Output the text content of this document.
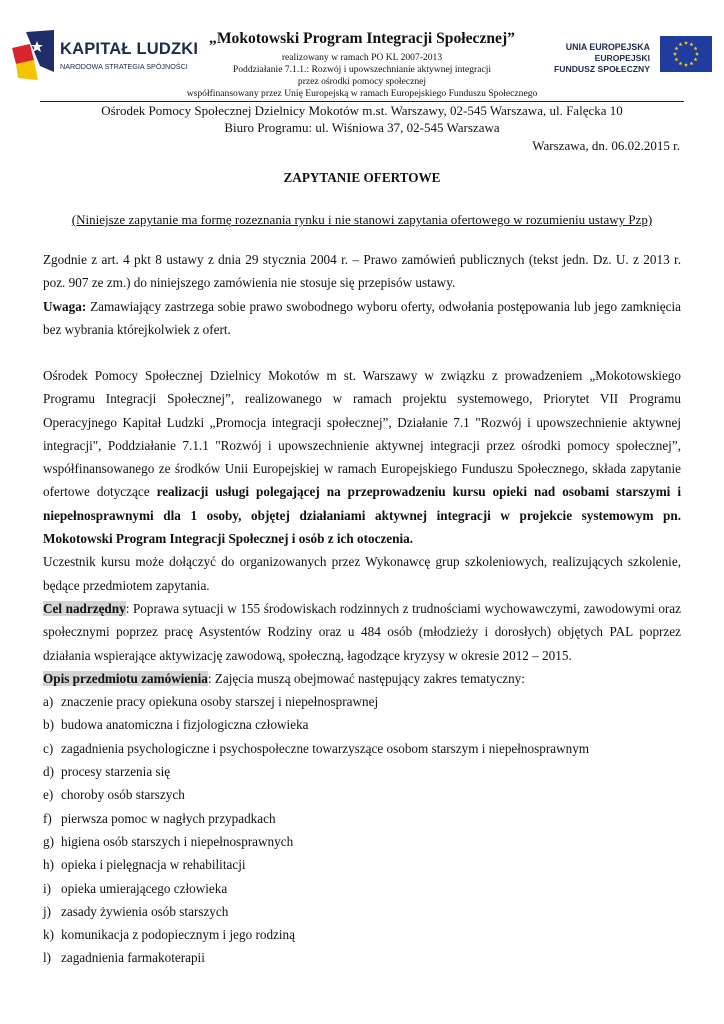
KAPITAŁ LUDZKI
NARODOWA STRATEGIA SPÓJNOŚCI
UNIA EUROPEJSKA
EUROPEJSKI
FUNDUSZ SPOŁECZNY
„Mokotowski Program Integracji Społecznej”
realizowany w ramach PO KL 2007-2013
Poddziałanie 7.1.1.: Rozwój i upowszechnianie aktywnej integracji
przez ośrodki pomocy społecznej
współfinansowany przez Unię Europejską w ramach Europejskiego Funduszu Społecznego
Ośrodek Pomocy Społecznej Dzielnicy Mokotów m.st. Warszawy, 02-545 Warszawa, ul. Falęcka 10
Biuro Programu: ul. Wiśniowa 37, 02-545 Warszawa
Warszawa, dn. 06.02.2015 r.
ZAPYTANIE OFERTOWE
(Niniejsze zapytanie ma formę rozeznania rynku i nie stanowi zapytania ofertowego w rozumieniu ustawy Pzp)

Zgodnie z art. 4 pkt 8 ustawy z dnia 29 stycznia 2004 r. – Prawo zamówień publicznych (tekst jedn. Dz. U. z 2013 r. poz. 907 ze zm.) do niniejszego zamówienia nie stosuje się przepisów ustawy.

Uwaga: Zamawiający zastrzega sobie prawo swobodnego wyboru oferty, odwołania postępowania lub jego zamknięcia bez wybrania którejkolwiek z ofert.

Ośrodek Pomocy Społecznej Dzielnicy Mokotów m st. Warszawy w związku z prowadzeniem „Mokotowskiego Programu Integracji Społecznej”, realizowanego w ramach projektu systemowego, Priorytet VII Programu Operacyjnego Kapitał Ludzki „Promocja integracji społecznej”, Działanie 7.1 "Rozwój i upowszechnienie aktywnej integracji", Poddziałanie 7.1.1 "Rozwój i upowszechnienie aktywnej integracji przez ośrodki pomocy społecznej”, współfinansowanego ze środków Unii Europejskiej w ramach Europejskiego Funduszu Społecznego, składa zapytanie ofertowe dotyczące realizacji usługi polegającej na przeprowadzeniu kursu opieki nad osobami starszymi i niepełnosprawnymi dla 1 osoby, objętej działaniami aktywnej integracji w projekcie systemowym pn. Mokotowski Program Integracji Społecznej i osób z ich otoczenia.

Uczestnik kursu może dołączyć do organizowanych przez Wykonawcę grup szkoleniowych, realizujących szkolenie, będące przedmiotem zapytania.

Cel nadrzędny: Poprawa sytuacji w 155 środowiskach rodzinnych z trudnościami wychowawczymi, zawodowymi oraz społecznymi poprzez pracę Asystentów Rodziny oraz u 484 osób (młodzieży i dorosłych) objętych PAL poprzez działania wspierające aktywizację zawodową, społeczną, łagodzące kryzysy w okresie 2012 – 2015.

Opis przedmiotu zamówienia: Zajęcia muszą obejmować następujący zakres tematyczny:

a) znaczenie pracy opiekuna osoby starszej i niepełnosprawnej
b) budowa anatomiczna i fizjologiczna człowieka
c) zagadnienia psychologiczne i psychospołeczne towarzyszące osobom starszym i niepełnosprawnym
d) procesy starzenia się
e) choroby osób starszych
f) pierwsza pomoc w nagłych przypadkach
g) higiena osób starszych i niepełnosprawnych
h) opieka i pielęgnacja w rehabilitacji
i) opieka umierającego człowieka
j) zasady żywienia osób starszych
k) komunikacja z podopiecznym i jego rodziną
l) zagadnienia farmakoterapii
